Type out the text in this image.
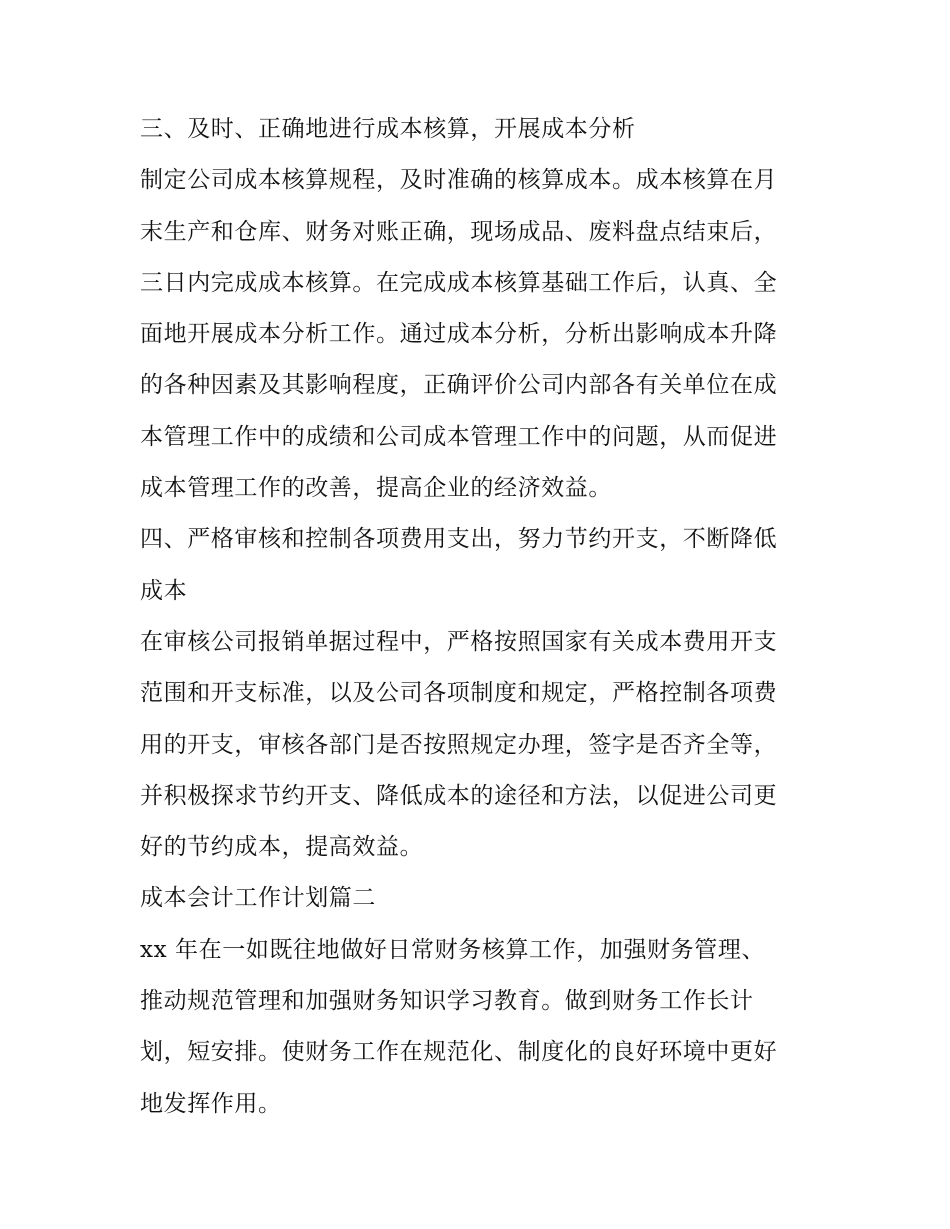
三、及时、正确地进行成本核算，开展成本分析
制定公司成本核算规程，及时准确的核算成本。成本核算在月
末生产和仓库、财务对账正确，现场成品、废料盘点结束后，
三日内完成成本核算。在完成成本核算基础工作后，认真、全
面地开展成本分析工作。通过成本分析，分析出影响成本升降
的各种因素及其影响程度，正确评价公司内部各有关单位在成
本管理工作中的成绩和公司成本管理工作中的问题，从而促进
成本管理工作的改善，提高企业的经济效益。
四、严格审核和控制各项费用支出，努力节约开支，不断降低
成本
在审核公司报销单据过程中，严格按照国家有关成本费用开支
范围和开支标准，以及公司各项制度和规定，严格控制各项费
用的开支，审核各部门是否按照规定办理，签字是否齐全等，
并积极探求节约开支、降低成本的途径和方法，以促进公司更
好的节约成本，提高效益。
成本会计工作计划篇二
xx 年在一如既往地做好日常财务核算工作，加强财务管理、
推动规范管理和加强财务知识学习教育。做到财务工作长计
划，短安排。使财务工作在规范化、制度化的良好环境中更好
地发挥作用。
